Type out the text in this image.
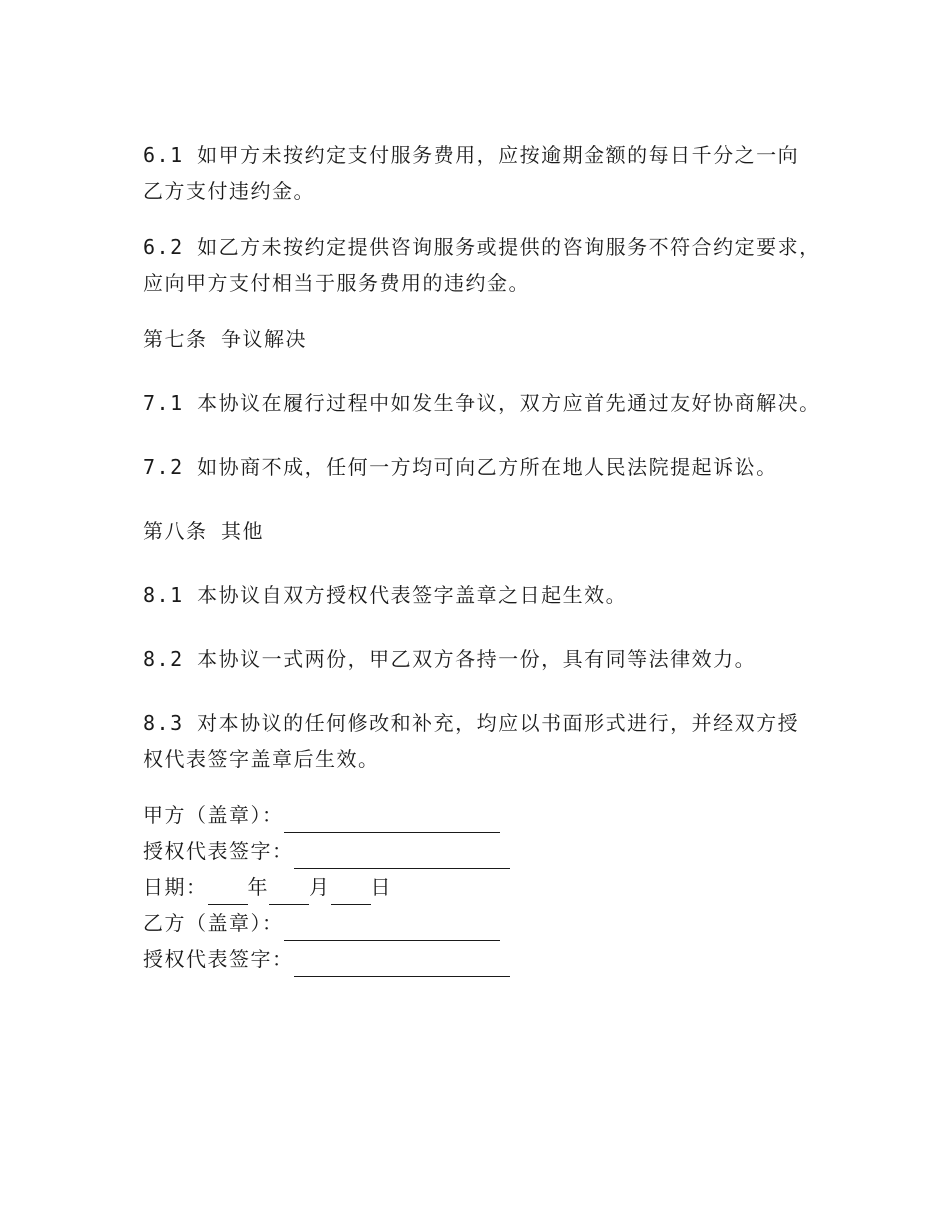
6.1 如甲方未按约定支付服务费用，应按逾期金额的每日千分之一向

乙方支付违约金。

6.2 如乙方未按约定提供咨询服务或提供的咨询服务不符合约定要求，

应向甲方支付相当于服务费用的违约金。

第七条 争议解决

7.1 本协议在履行过程中如发生争议，双方应首先通过友好协商解决。

7.2 如协商不成，任何一方均可向乙方所在地人民法院提起诉讼。

第八条 其他

8.1 本协议自双方授权代表签字盖章之日起生效。

8.2 本协议一式两份，甲乙双方各持一份，具有同等法律效力。

8.3 对本协议的任何修改和补充，均应以书面形式进行，并经双方授

权代表签字盖章后生效。

甲方（盖章）：

授权代表签字：

日期： 年 月 日

乙方（盖章）：

授权代表签字：
